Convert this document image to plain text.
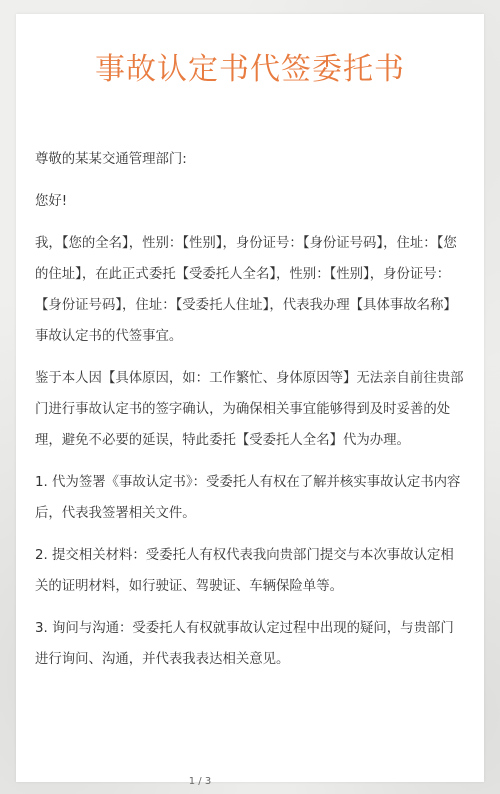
事故认定书代签委托书

尊敬的某某交通管理部门:

您好!

我，【您的全名】，性别：【性别】，身份证号：【身份证号码】，住址：【您的住址】，在此正式委托【受委托人全名】，性别：【性别】，身份证号：【身份证号码】，住址：【受委托人住址】，代表我办理【具体事故名称】事故认定书的代签事宜。

鉴于本人因【具体原因，如：工作繁忙、身体原因等】无法亲自前往贵部门进行事故认定书的签字确认，为确保相关事宜能够得到及时妥善的处理，避免不必要的延误，特此委托【受委托人全名】代为办理。

1. 代为签署《事故认定书》：受委托人有权在了解并核实事故认定书内容后，代表我签署相关文件。

2. 提交相关材料：受委托人有权代表我向贵部门提交与本次事故认定相关的证明材料，如行驶证、驾驶证、车辆保险单等。

3. 询问与沟通：受委托人有权就事故认定过程中出现的疑问，与贵部门进行询问、沟通，并代表我表达相关意见。

1 / 3
